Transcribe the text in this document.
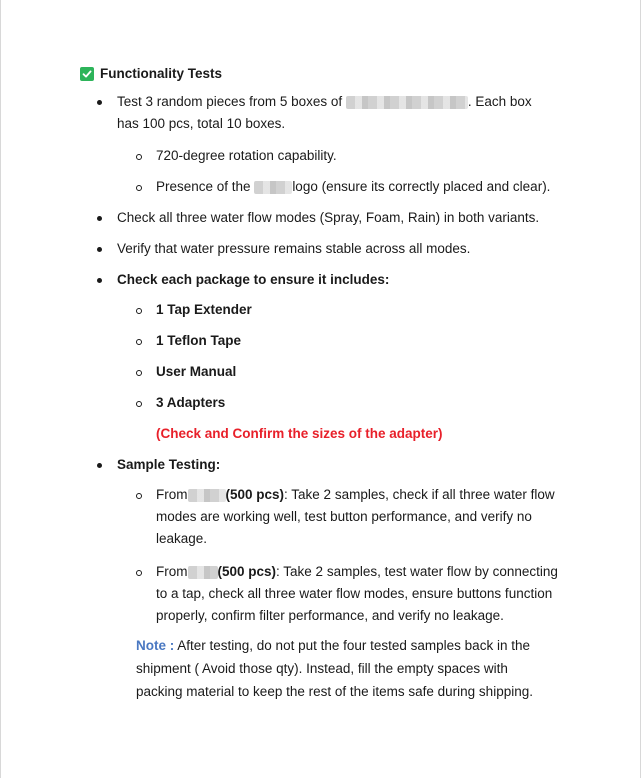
Functionality Tests
Test 3 random pieces from 5 boxes of	. Each box has 100 pcs, total 10 boxes.
720-degree rotation capability.
Presence of the	logo (ensure its correctly placed and clear).
Check all three water flow modes (Spray, Foam, Rain) in both variants.
Verify that water pressure remains stable across all modes.
Check each package to ensure it includes:
1 Tap Extender
1 Teflon Tape
User Manual
3 Adapters
(Check and Confirm the sizes of the adapter)
Sample Testing:
From	(500 pcs): Take 2 samples, check if all three water flow modes are working well, test button performance, and verify no leakage.
From (500 pcs): Take 2 samples, test water flow by connecting to a tap, check all three water flow modes, ensure buttons function properly, confirm filter performance, and verify no leakage.
Note : After testing, do not put the four tested samples back in the shipment ( Avoid those qty). Instead, fill the empty spaces with packing material to keep the rest of the items safe during shipping.
